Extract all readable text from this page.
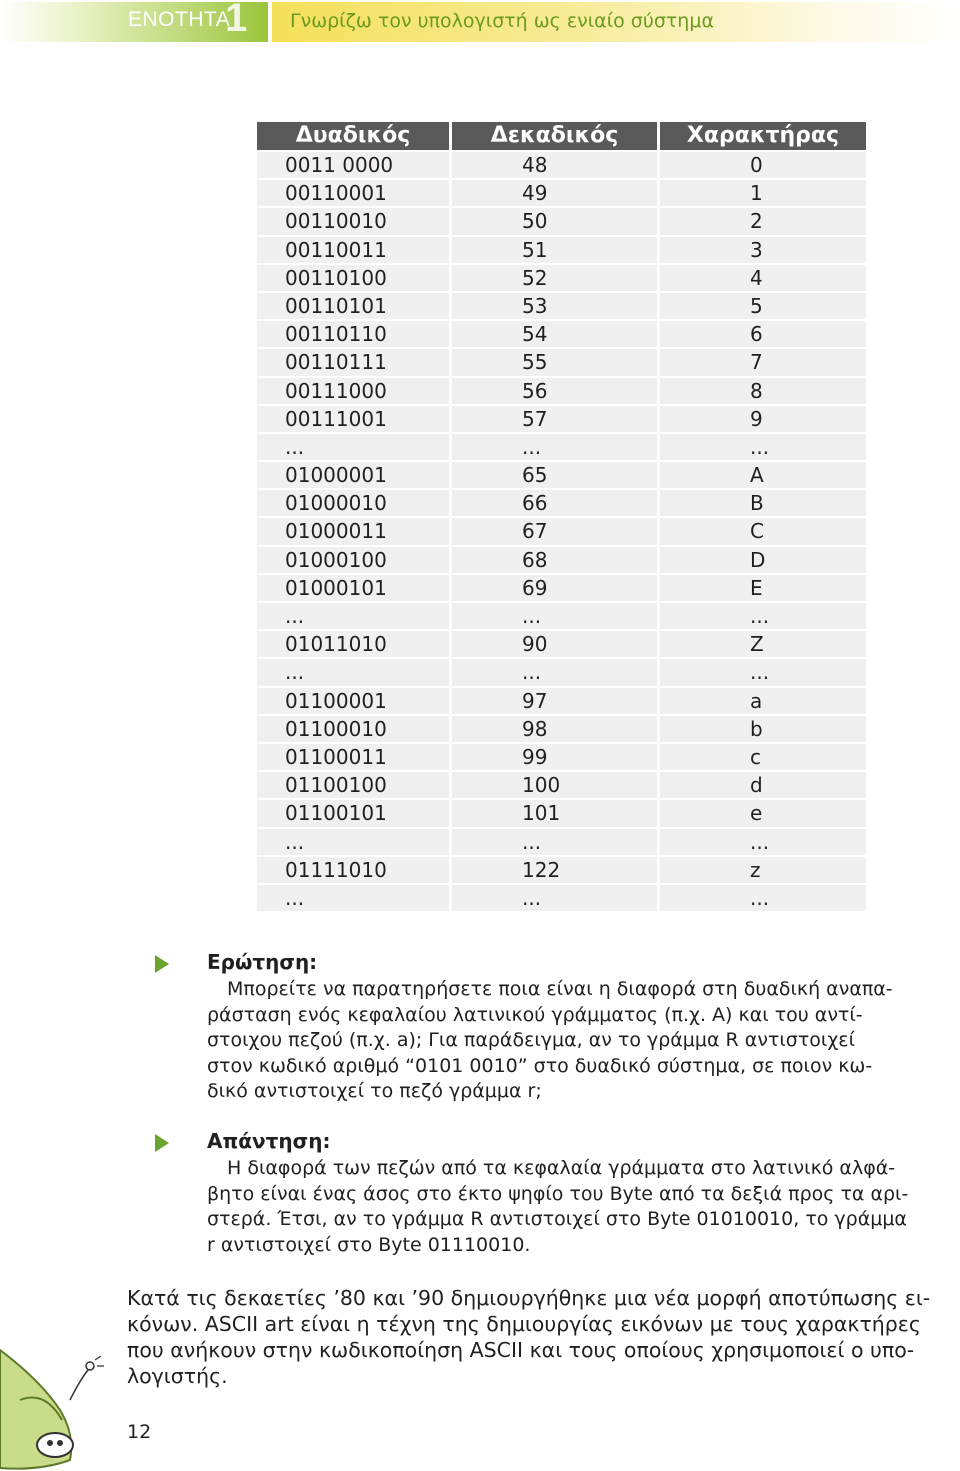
ΕΝΟΤΗΤΑ
1 Γνωρίζω τον υπολογιστή ως ενιαίο σύστημα
Δυαδικός	Δεκαδικός	Χαρακτήρας
0011 0000	48	0
00110001	49	1
00110010	50	2
00110011	51	3
00110100	52	4
00110101	53	5
00110110	54	6
00110111	55	7
00111000	56	8
00111001	57	9
...	...	...
01000001	65	A
01000010	66	B
01000011	67	C
01000100	68	D
01000101	69	E
...	...	...
01011010	90	Z
...	...	...
01100001	97	a
01100010	98	b
01100011	99	c
01100100	100	d
01100101	101	e
...	...	...
01111010	122	z
...	...	...
Ερώτηση:
Μπορείτε να παρατηρήσετε ποια είναι η διαφορά στη δυαδική αναπα-
ράσταση ενός κεφαλαίου λατινικού γράμματος (π.χ. A) και του αντί-
στοιχου πεζού (π.χ. a); Για παράδειγμα, αν το γράμμα R αντιστοιχεί
στον κωδικό αριθμό “0101 0010” στο δυαδικό σύστημα, σε ποιον κω-
δικό αντιστοιχεί το πεζό γράμμα r;
Απάντηση:
Η διαφορά των πεζών από τα κεφαλαία γράμματα στο λατινικό αλφά-
βητο είναι ένας άσος στο έκτο ψηφίο του Byte από τα δεξιά προς τα αρι-
στερά. Έτσι, αν το γράμμα R αντιστοιχεί στο Byte 01010010, το γράμμα
r αντιστοιχεί στο Byte 01110010.
Κατά τις δεκαετίες ’80 και ’90 δημιουργήθηκε μια νέα μορφή αποτύπωσης ει-
κόνων. ASCII art είναι η τέχνη της δημιουργίας εικόνων με τους χαρακτήρες
που ανήκουν στην κωδικοποίηση ASCII και τους οποίους χρησιμοποιεί ο υπο-
λογιστής.
12
